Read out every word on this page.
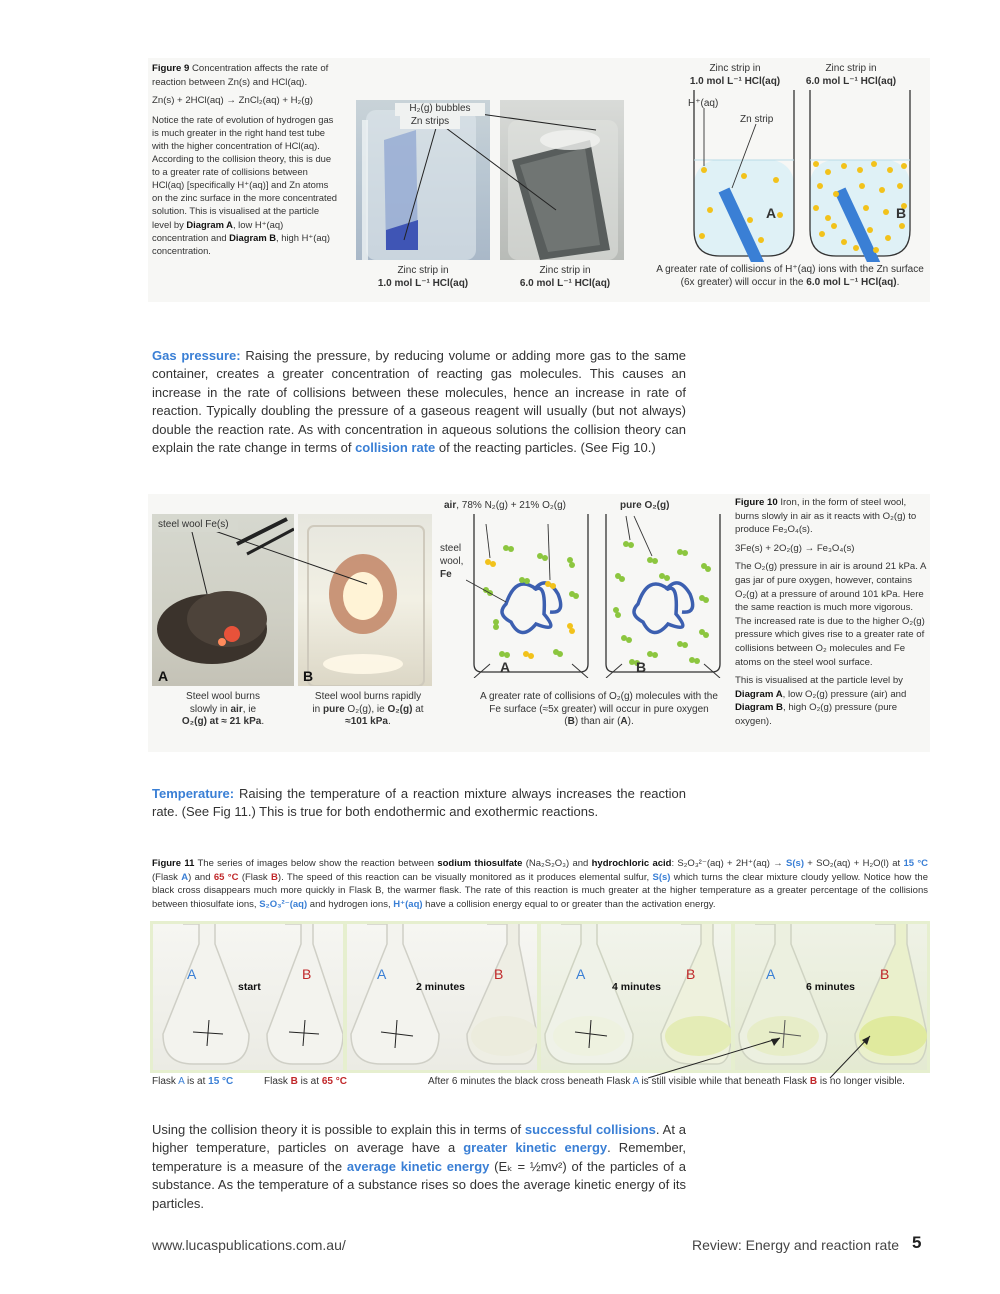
Figure 9 Concentration affects the rate of reaction between Zn(s) and HCl(aq).
Zn(s) + 2HCl(aq) → ZnCl₂(aq) + H₂(g)
Notice the rate of evolution of hydrogen gas is much greater in the right hand test tube with the higher concentration of HCl(aq). According to the collision theory, this is due to a greater rate of collisions between HCl(aq) [specifically H⁺(aq)] and Zn atoms on the zinc surface in the more concentrated solution. This is visualised at the particle level by Diagram A, low H⁺(aq) concentration and Diagram B, high H⁺(aq) concentration.
H₂(g) bubbles
Zn strips
Zinc strip in
1.0 mol L⁻¹ HCl(aq)
Zinc strip in
6.0 mol L⁻¹ HCl(aq)
Zinc strip in
1.0 mol L⁻¹ HCl(aq)
Zinc strip in
6.0 mol L⁻¹ HCl(aq)
H⁺(aq)
Zn strip
A	B
A greater rate of collisions of H⁺(aq) ions with the Zn surface (6x greater) will occur in the 6.0 mol L⁻¹ HCl(aq).
Gas pressure: Raising the pressure, by reducing volume or adding more gas to the same container, creates a greater concentration of reacting gas molecules. This causes an increase in the rate of collisions between these molecules, hence an increase in rate of reaction. Typically doubling the pressure of a gaseous reagent will usually (but not always) double the reaction rate. As with concentration in aqueous solutions the collision theory can explain the rate change in terms of collision rate of the reacting particles. (See Fig 10.)
steel wool Fe(s)
A	B
Steel wool burns
slowly in air, ie
O₂(g) at ≈ 21 kPa.
Steel wool burns rapidly
in pure O₂(g), ie O₂(g) at
≈101 kPa.
air, 78% N₂(g) + 21% O₂(g)	pure O₂(g)
steel
wool,
Fe
A	B
A greater rate of collisions of O₂(g) molecules with the
Fe surface (≈5x greater) will occur in pure oxygen
(B) than air (A).
Figure 10 Iron, in the form of steel wool, burns slowly in air as it reacts with O₂(g) to produce Fe₃O₄(s).
3Fe(s) + 2O₂(g) → Fe₃O₄(s)
The O₂(g) pressure in air is around 21 kPa. A gas jar of pure oxygen, however, contains O₂(g) at a pressure of around 101 kPa. Here the same reaction is much more vigorous. The increased rate is due to the higher O₂(g) pressure which gives rise to a greater rate of collisions between O₂ molecules and Fe atoms on the steel wool surface.
This is visualised at the particle level by Diagram A, low O₂(g) pressure (air) and Diagram B, high O₂(g) pressure (pure oxygen).
Temperature: Raising the temperature of a reaction mixture always increases the reaction rate. (See Fig 11.) This is true for both endothermic and exothermic reactions.
Figure 11 The series of images below show the reaction between sodium thiosulfate (Na₂S₂O₃) and hydrochloric acid: S₂O₃²⁻(aq) + 2H⁺(aq) → S(s) + SO₂(aq) + H₂O(l) at 15 °C (Flask A) and 65 °C (Flask B). The speed of this reaction can be visually monitored as it produces elemental sulfur, S(s) which turns the clear mixture cloudy yellow. Notice how the black cross disappears much more quickly in Flask B, the warmer flask. The rate of this reaction is much greater at the higher temperature as a greater percentage of the collisions between thiosulfate ions, S₂O₃²⁻(aq) and hydrogen ions, H⁺(aq) have a collision energy equal to or greater than the activation energy.
A
start
B	A
2 minutes
B	A
4 minutes
B	A
6 minutes
B
Flask A is at 15 °C	Flask B is at 65 °C	After 6 minutes the black cross beneath Flask A is still visible while that beneath Flask B is no longer visible.
Using the collision theory it is possible to explain this in terms of successful collisions. At a higher temperature, particles on average have a greater kinetic energy. Remember, temperature is a measure of the average kinetic energy (Eₖ = ½mv²) of the particles of a substance. As the temperature of a substance rises so does the average kinetic energy of its particles.
www.lucaspublications.com.au/	Review: Energy and reaction rate 5
